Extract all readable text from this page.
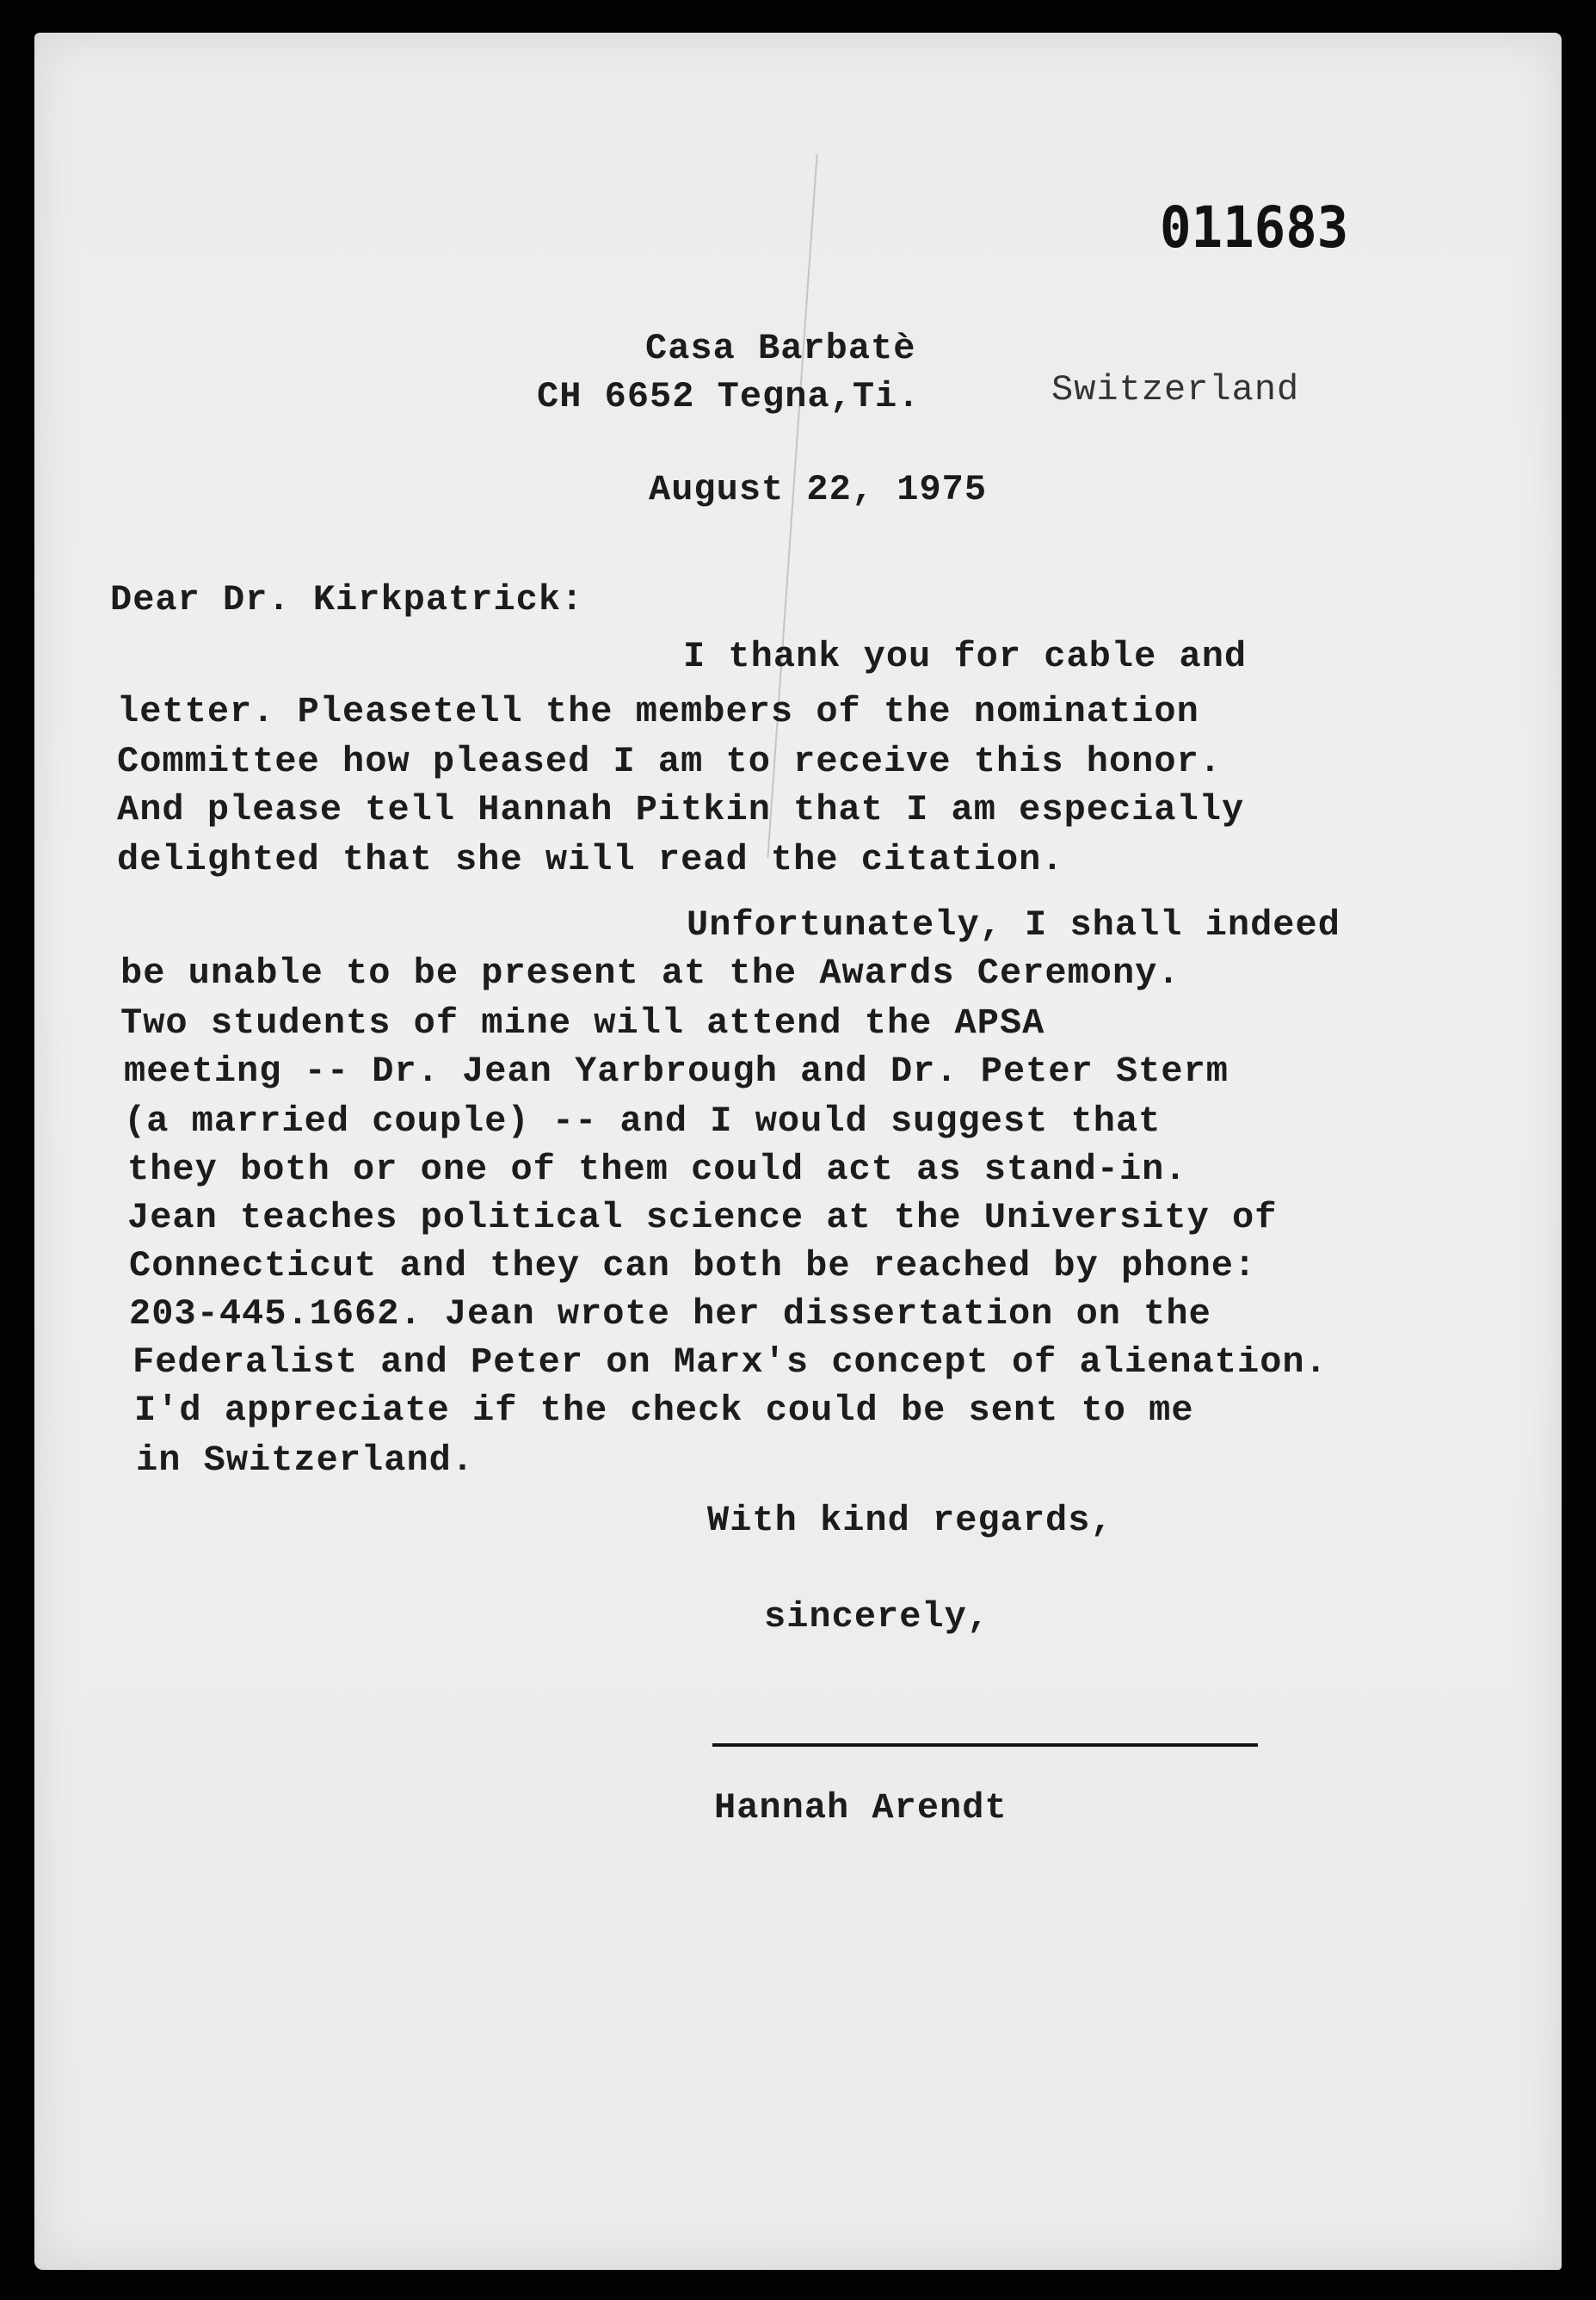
011683
Casa Barbatè
CH 6652 Tegna,Ti.	Switzerland
August 22, 1975
Dear Dr. Kirkpatrick:
I thank you for cable and
letter. Pleasetell the members of the nomination
Committee how pleased I am to receive this honor.
And please tell Hannah Pitkin that I am especially
delighted that she will read the citation.
Unfortunately, I shall indeed
be unable to be present at the Awards Ceremony.
Two students of mine will attend the APSA
meeting -- Dr. Jean Yarbrough and Dr. Peter Sterm
(a married couple) -- and I would suggest that
they both or one of them could act as stand-in.
Jean teaches political science at the University of
Connecticut and they can both be reached by phone:
203-445.1662. Jean wrote her dissertation on the
Federalist and Peter on Marx's concept of alienation.
I'd appreciate if the check could be sent to me
in Switzerland.
With kind regards,
sincerely,
Hannah Arendt
